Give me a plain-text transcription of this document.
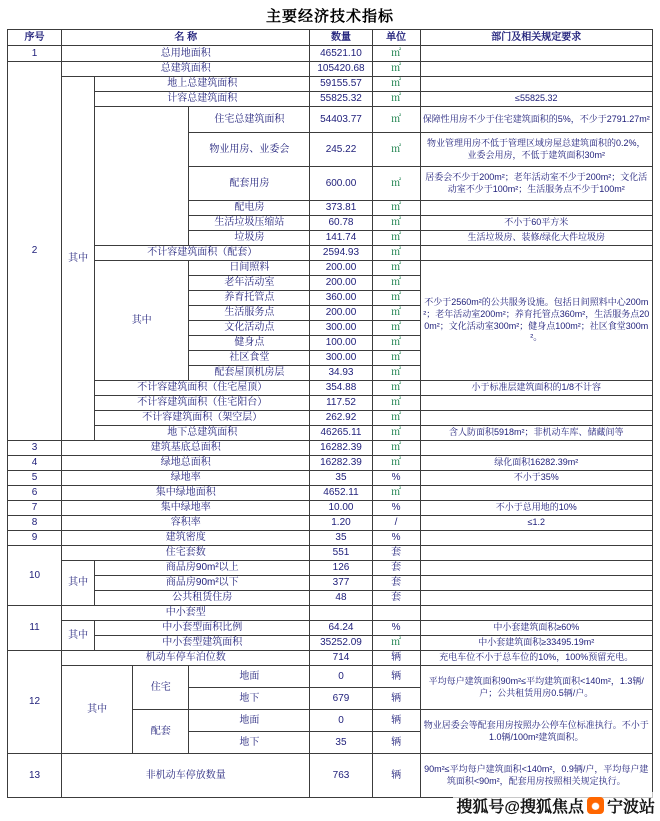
主要经济技术指标
序号	名 称				数量	单位	部门及相关规定要求
1	总用地面积				46521.10	㎡	
2	总建筑面积				105420.68	㎡	
	其中	地上总建筑面积			59155.57	㎡	
		计容总建筑面积			55825.32	㎡	≤55825.32
				住宅总建筑面积	54403.77	㎡	保障性用房不少于住宅建筑面积的5%，不少于2791.27m²
				物业用房、业委会	245.22	㎡	物业管理用房不低于管理区域房屋总建筑面积的0.2%，业委会用房，不低于建筑面积30m²
				配套用房	600.00	㎡	居委会不少于200m²；老年活动室不少于200m²；文化活动室不少于100m²；生活服务点不少于100m²
				配电房	373.81	㎡	
				生活垃圾压缩站	60.78	㎡	不小于60平方米
				垃圾房	141.74	㎡	生活垃圾房、装修/绿化大件垃圾房
		不计容建筑面积（配套）			2594.93	㎡	
		其中		日间照料	200.00	㎡	不少于2560m²的公共服务设施。包括日间照料中心200m²；老年活动室200m²；养育托管点360m²，生活服务点200m²；文化活动室300m²；健身点100m²；社区食堂300m²。
				老年活动室	200.00	㎡	
				养育托管点	360.00	㎡	
				生活服务点	200.00	㎡	
				文化活动点	300.00	㎡	
				健身点	100.00	㎡	
				社区食堂	300.00	㎡	
				配套屋顶机房层	34.93	㎡	
		不计容建筑面积（住宅屋顶）			354.88	㎡	小于标准层建筑面积的1/8不计容
		不计容建筑面积（住宅阳台）			117.52	㎡	
		不计容建筑面积（架空层）			262.92	㎡	
		地下总建筑面积			46265.11	㎡	含人防面积5918m²；非机动车库、储藏间等
3	建筑基底总面积				16282.39	㎡	
4	绿地总面积				16282.39	㎡	绿化面积16282.39m²
5	绿地率				35	%	不小于35%
6	集中绿地面积				4652.11	㎡	
7	集中绿地率				10.00	%	不小于总用地的10%
8	容积率				1.20	/	≤1.2
9	建筑密度				35	%	
10	住宅套数				551	套	
	其中	商品房90m²以上			126	套	
		商品房90m²以下			377	套	
		公共租赁住房			48	套	
11	中小套型						
	其中	中小套型面积比例			64.24	%	中小套建筑面积≥60%
		中小套型建筑面积			35252.09	㎡	中小套建筑面积≥33495.19m²
12	机动车停车泊位数				714	辆	充电车位不小于总车位的10%，100%预留充电。
	其中		住宅	地面	0	辆	平均每户建筑面积90m²≤平均建筑面积<140m²，1.3辆/户；公共租赁用房0.5辆/户。
				地下	679	辆	
			配套	地面	0	辆	物业居委会等配套用房按照办公停车位标准执行。不小于1.0辆/100m²建筑面积。
				地下	35	辆	
13	非机动车停放数量				763	辆	90m²≤平均每户建筑面积<140m²，0.9辆/户，平均每户建筑面积<90m²，配套用房按照相关规定执行。
搜狐号@搜狐焦点 宁波站
